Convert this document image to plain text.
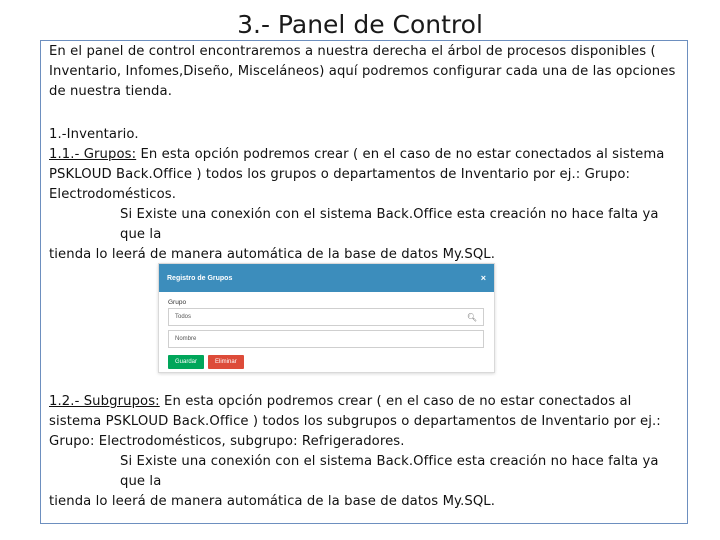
3.- Panel de Control

En el panel de control encontraremos a nuestra derecha el árbol de procesos disponibles ( Inventario, Infomes,Diseño, Misceláneos) aquí podremos configurar cada una de las opciones de nuestra tienda.

1.-Inventario.

1.1.- Grupos: En esta opción podremos crear ( en el caso de no estar conectados al sistema PSKLOUD Back.Office ) todos los grupos o departamentos de Inventario por ej.: Grupo: Electrodomésticos.

Si Existe una conexión con el sistema Back.Office esta creación no hace falta ya que la

tienda lo leerá de manera automática de la base de datos My.SQL.

Registro de Grupos	×
Grupo
Todos	🔍︎
Nombre
Guardar	Eliminar

1.2.- Subgrupos: En esta opción podremos crear ( en el caso de no estar conectados al sistema PSKLOUD Back.Office ) todos los subgrupos o departamentos de Inventario por ej.: Grupo: Electrodomésticos, subgrupo: Refrigeradores.

Si Existe una conexión con el sistema Back.Office esta creación no hace falta ya que la

tienda lo leerá de manera automática de la base de datos My.SQL.
